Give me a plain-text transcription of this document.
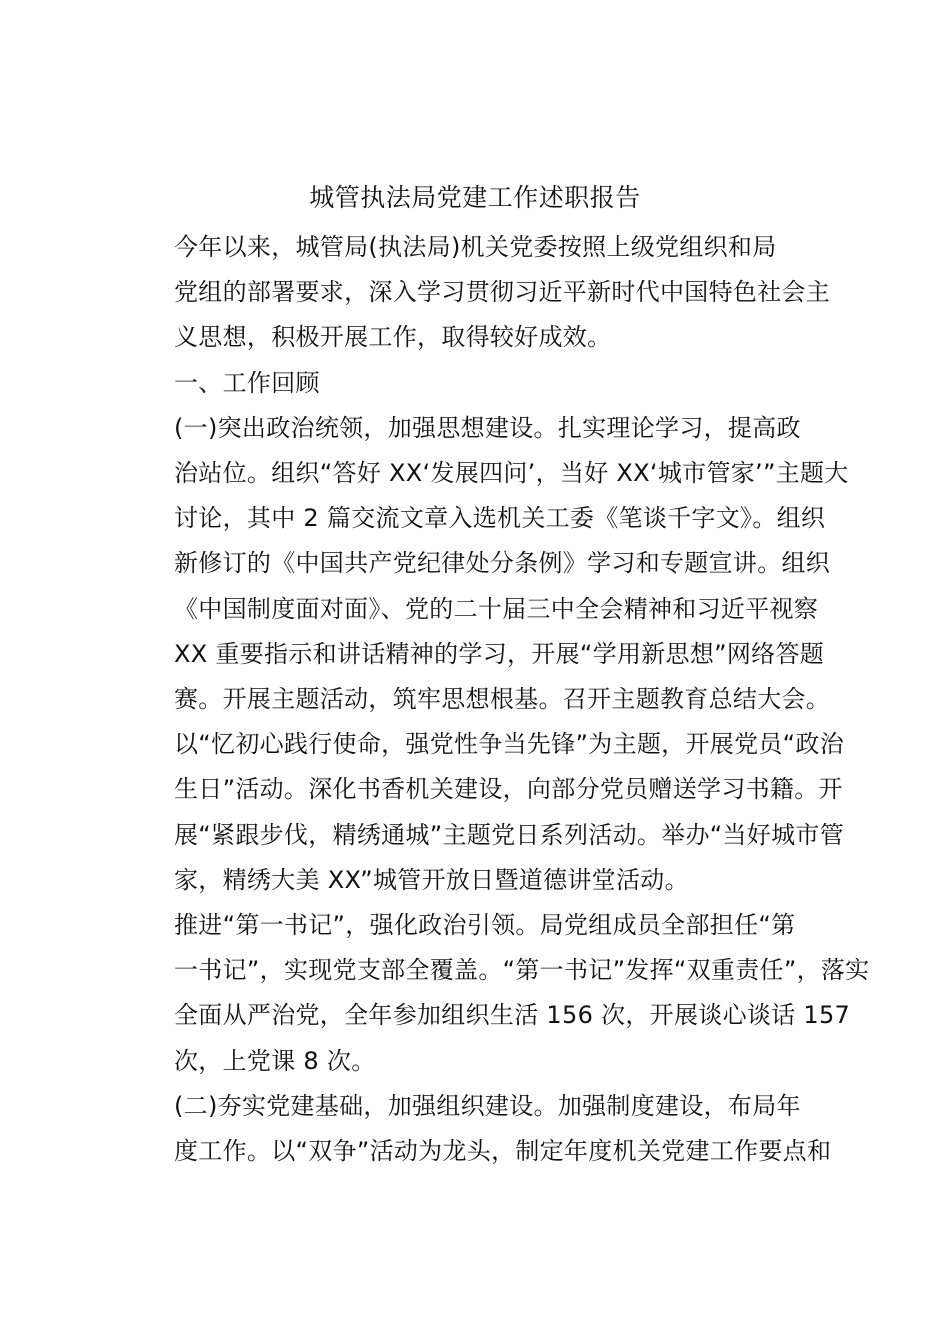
城管执法局党建工作述职报告

今年以来，城管局(执法局)机关党委按照上级党组织和局
党组的部署要求，深入学习贯彻习近平新时代中国特色社会主
义思想，积极开展工作，取得较好成效。

一、工作回顾

(一)突出政治统领，加强思想建设。扎实理论学习，提高政
治站位。组织“答好 XX‘发展四问’，当好 XX‘城市管家’”主题大
讨论，其中 2 篇交流文章入选机关工委《笔谈千字文》。组织
新修订的《中国共产党纪律处分条例》学习和专题宣讲。组织
《中国制度面对面》、党的二十届三中全会精神和习近平视察
XX 重要指示和讲话精神的学习，开展“学用新思想”网络答题
赛。开展主题活动，筑牢思想根基。召开主题教育总结大会。
以“忆初心践行使命，强党性争当先锋”为主题，开展党员“政治
生日”活动。深化书香机关建设，向部分党员赠送学习书籍。开
展“紧跟步伐，精绣通城”主题党日系列活动。举办“当好城市管
家，精绣大美 XX”城管开放日暨道德讲堂活动。

推进“第一书记”，强化政治引领。局党组成员全部担任“第
一书记”，实现党支部全覆盖。“第一书记”发挥“双重责任”，落实
全面从严治党，全年参加组织生活 156 次，开展谈心谈话 157
次，上党课 8 次。

(二)夯实党建基础，加强组织建设。加强制度建设，布局年
度工作。以“双争”活动为龙头，制定年度机关党建工作要点和
